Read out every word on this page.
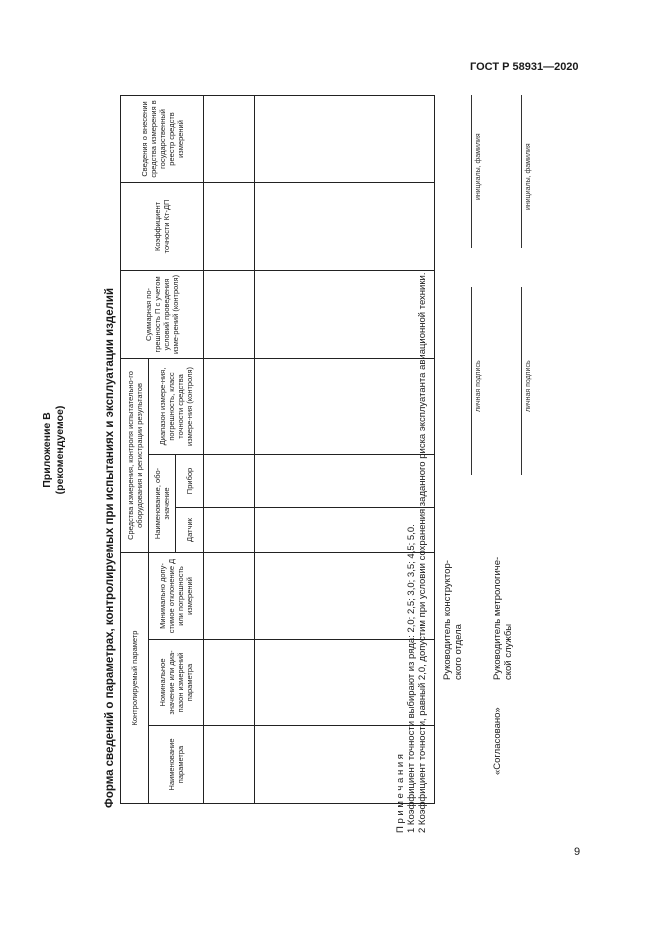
ГОСТ Р 58931—2020
Приложение В (рекомендуемое)	Форма сведений о параметрах, контролируемых при испытаниях и эксплуатации изделий Контролируемый параметр			Средства измерения, контроля испытательно-го оборудования и регистрации результатов			Суммарная по-грешность П с учетом условий проведения изме-рений (контроля)	Коэффициент точности Кт-ДП	Сведения о внесении средства измерения в государственный реестр средств измерений
Наименование параметра	Номинальное значение или диа-пазон измерений параметра	Минимально допу-стимое отклонение Д или погрешность измерений	Наименование, обо-значение		Диапазон измере-ния, погрешность, класс точности средства измере-ния (контроля)			
			Датчик	Прибор				

П р и м е ч а н и я 1 Коэффициент точности выбирают из ряда: 2,0; 2,5; 3,0; 3,5; 4,5; 5,0. 2 Коэффициент точности, равный 2,0, допустим при условии сохранения заданного риска эксплуатанта авиационной техники.	«Согласовано»
Руководитель конструктор- ского отдела	Руководитель метрологиче- ской службы
личная подпись
инициалы, фамилия
личная подпись
инициалы, фамилия
9
